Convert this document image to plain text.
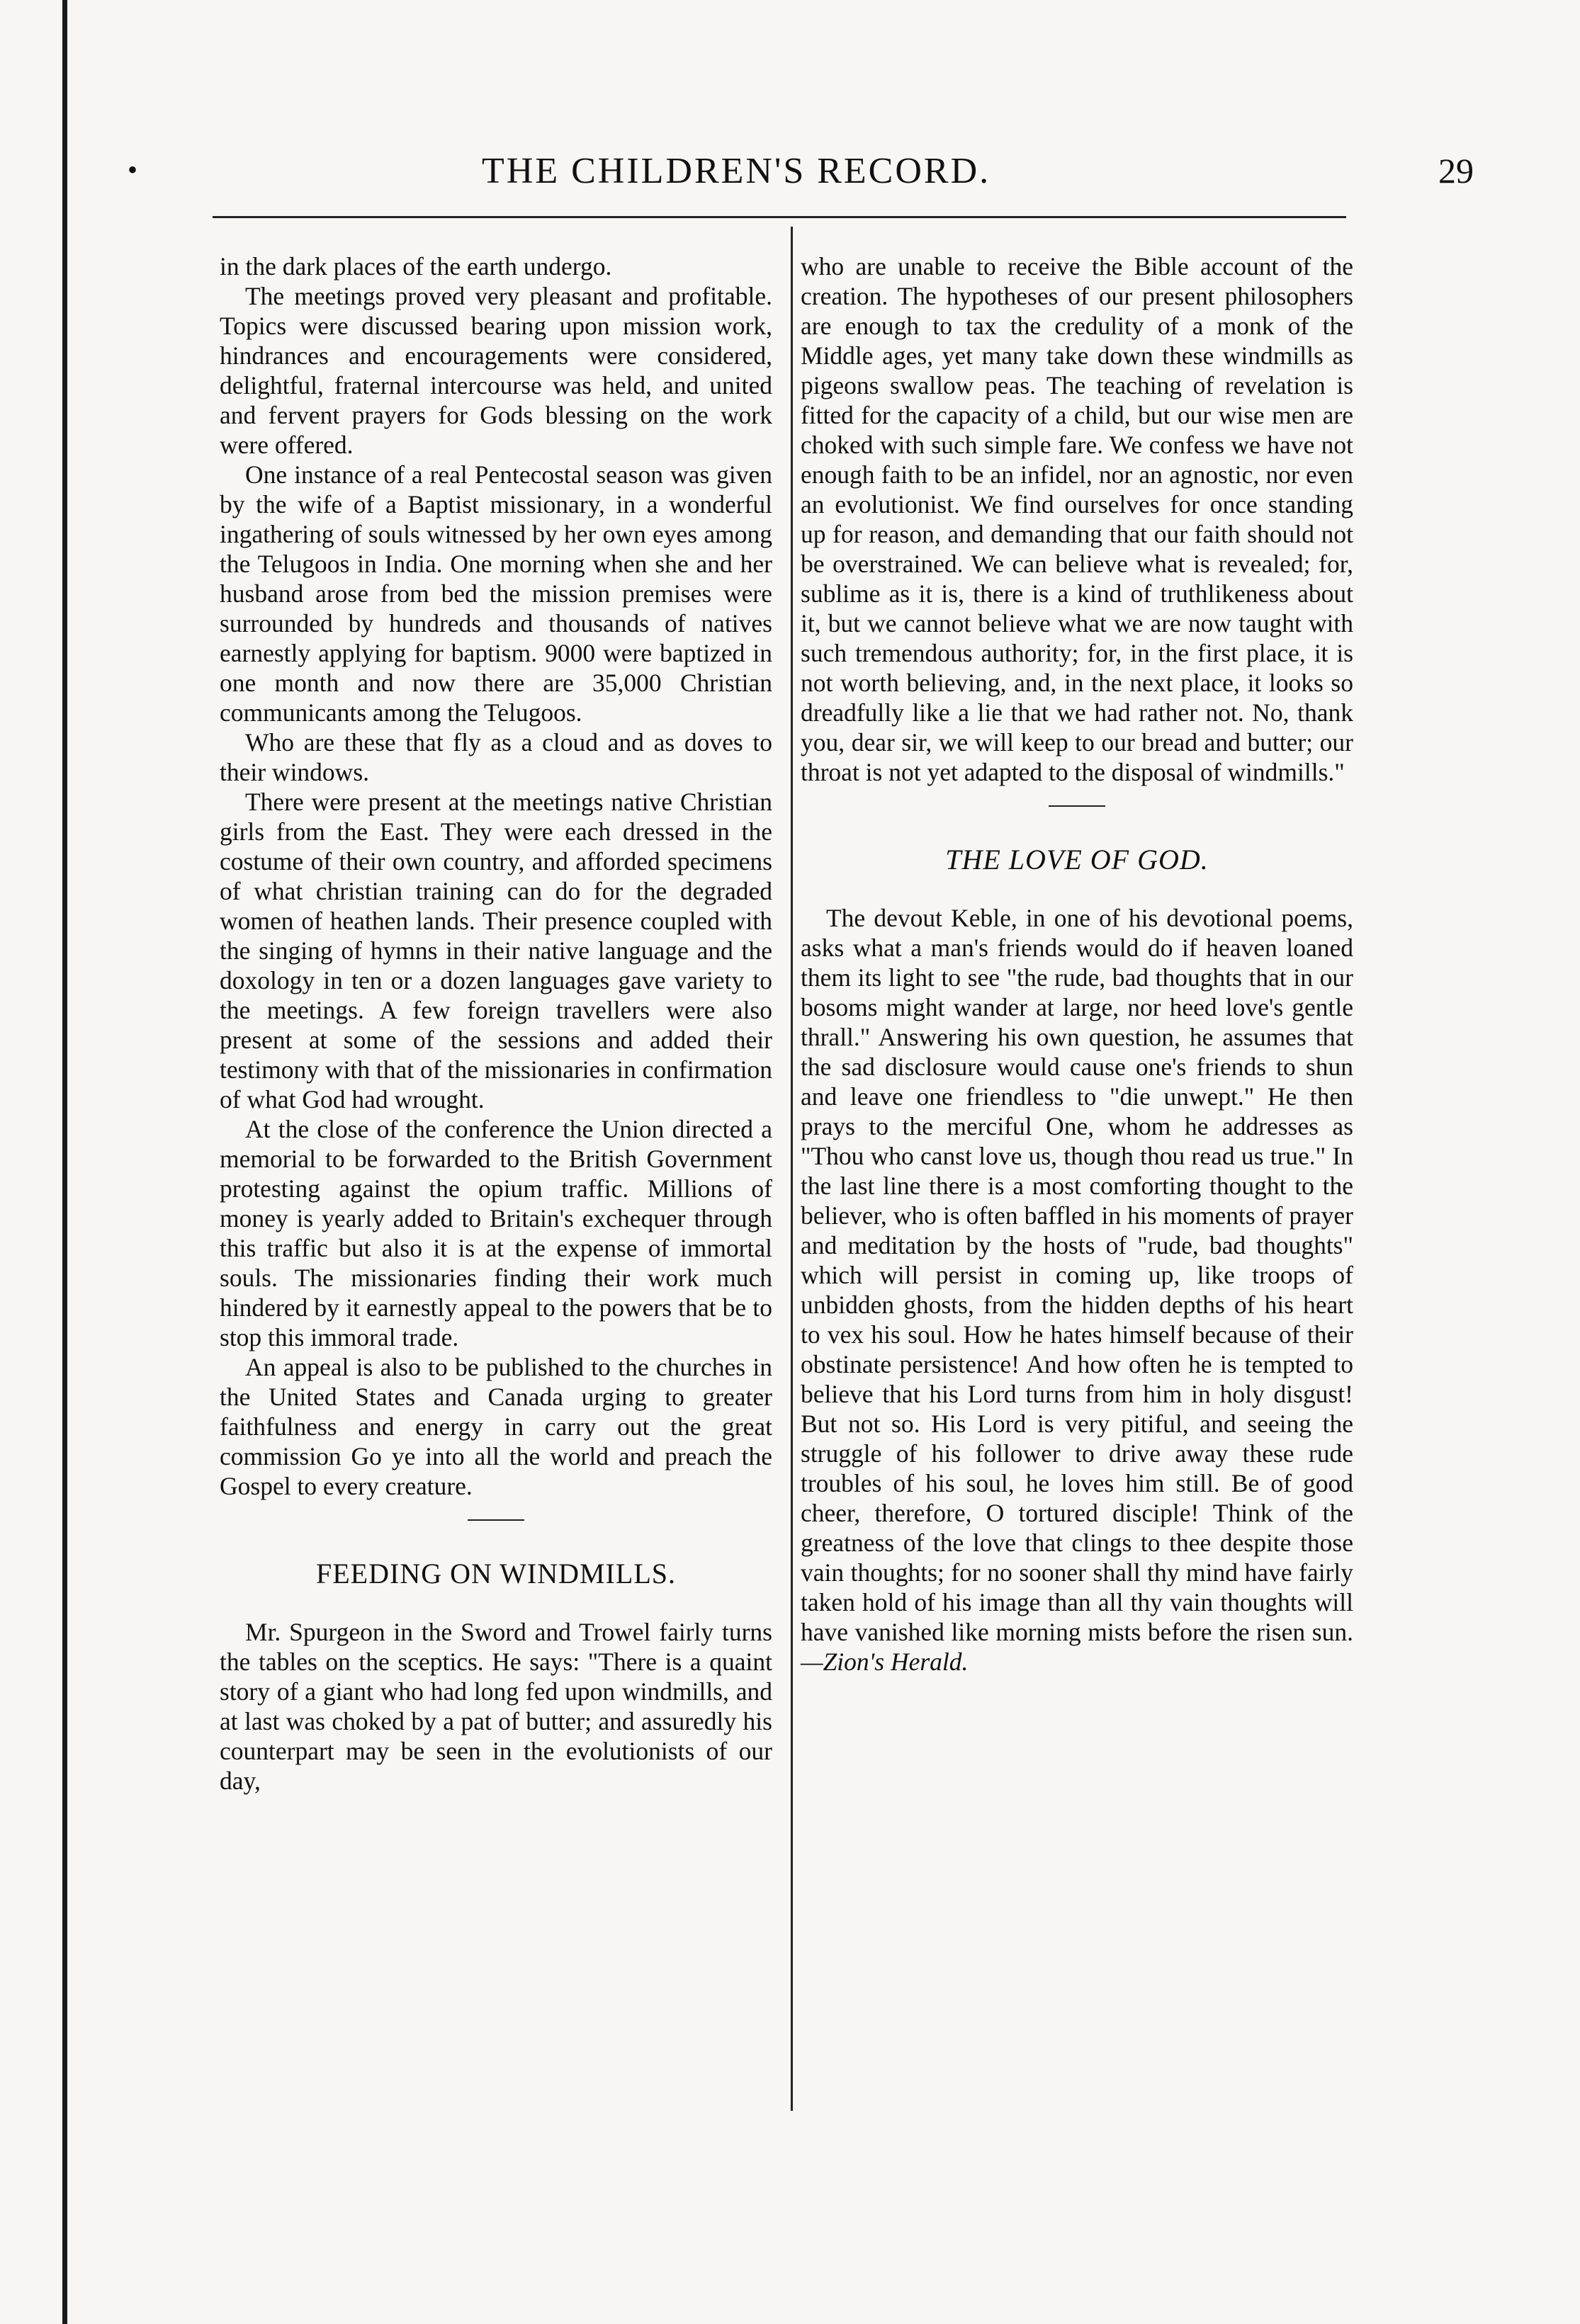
•	THE CHILDREN'S RECORD.	29

in the dark places of the earth undergo.

The meetings proved very pleasant and profitable. Topics were discussed bearing upon mission work, hindrances and encouragements were considered, delightful, fraternal intercourse was held, and united and fervent prayers for Gods blessing on the work were offered.

One instance of a real Pentecostal season was given by the wife of a Baptist missionary, in a wonderful ingathering of souls witnessed by her own eyes among the Telugoos in India. One morning when she and her husband arose from bed the mission premises were surrounded by hundreds and thousands of natives earnestly applying for baptism. 9000 were baptized in one month and now there are 35,000 Christian communicants among the Telugoos.

Who are these that fly as a cloud and as doves to their windows.

There were present at the meetings native Christian girls from the East. They were each dressed in the costume of their own country, and afforded specimens of what christian training can do for the degraded women of heathen lands. Their presence coupled with the singing of hymns in their native language and the doxology in ten or a dozen languages gave variety to the meetings. A few foreign travellers were also present at some of the sessions and added their testimony with that of the missionaries in confirmation of what God had wrought.

At the close of the conference the Union directed a memorial to be forwarded to the British Government protesting against the opium traffic. Millions of money is yearly added to Britain's exchequer through this traffic but also it is at the expense of immortal souls. The missionaries finding their work much hindered by it earnestly appeal to the powers that be to stop this immoral trade.

An appeal is also to be published to the churches in the United States and Canada urging to greater faithfulness and energy in carry out the great commission Go ye into all the world and preach the Gospel to every creature.

FEEDING ON WINDMILLS.

Mr. Spurgeon in the Sword and Trowel fairly turns the tables on the sceptics. He says: "There is a quaint story of a giant who had long fed upon windmills, and at last was choked by a pat of butter; and assuredly his counterpart may be seen in the evolutionists of our day,

who are unable to receive the Bible account of the creation. The hypotheses of our present philosophers are enough to tax the credulity of a monk of the Middle ages, yet many take down these windmills as pigeons swallow peas. The teaching of revelation is fitted for the capacity of a child, but our wise men are choked with such simple fare. We confess we have not enough faith to be an infidel, nor an agnostic, nor even an evolutionist. We find ourselves for once standing up for reason, and demanding that our faith should not be overstrained. We can believe what is revealed; for, sublime as it is, there is a kind of truthlikeness about it, but we cannot believe what we are now taught with such tremendous authority; for, in the first place, it is not worth believing, and, in the next place, it looks so dreadfully like a lie that we had rather not. No, thank you, dear sir, we will keep to our bread and butter; our throat is not yet adapted to the disposal of windmills."

THE LOVE OF GOD.

The devout Keble, in one of his devotional poems, asks what a man's friends would do if heaven loaned them its light to see "the rude, bad thoughts that in our bosoms might wander at large, nor heed love's gentle thrall." Answering his own question, he assumes that the sad disclosure would cause one's friends to shun and leave one friendless to "die unwept." He then prays to the merciful One, whom he addresses as "Thou who canst love us, though thou read us true." In the last line there is a most comforting thought to the believer, who is often baffled in his moments of prayer and meditation by the hosts of "rude, bad thoughts" which will persist in coming up, like troops of unbidden ghosts, from the hidden depths of his heart to vex his soul. How he hates himself because of their obstinate persistence! And how often he is tempted to believe that his Lord turns from him in holy disgust! But not so. His Lord is very pitiful, and seeing the struggle of his follower to drive away these rude troubles of his soul, he loves him still. Be of good cheer, therefore, O tortured disciple! Think of the greatness of the love that clings to thee despite those vain thoughts; for no sooner shall thy mind have fairly taken hold of his image than all thy vain thoughts will have vanished like morning mists before the risen sun. —Zion's Herald.
